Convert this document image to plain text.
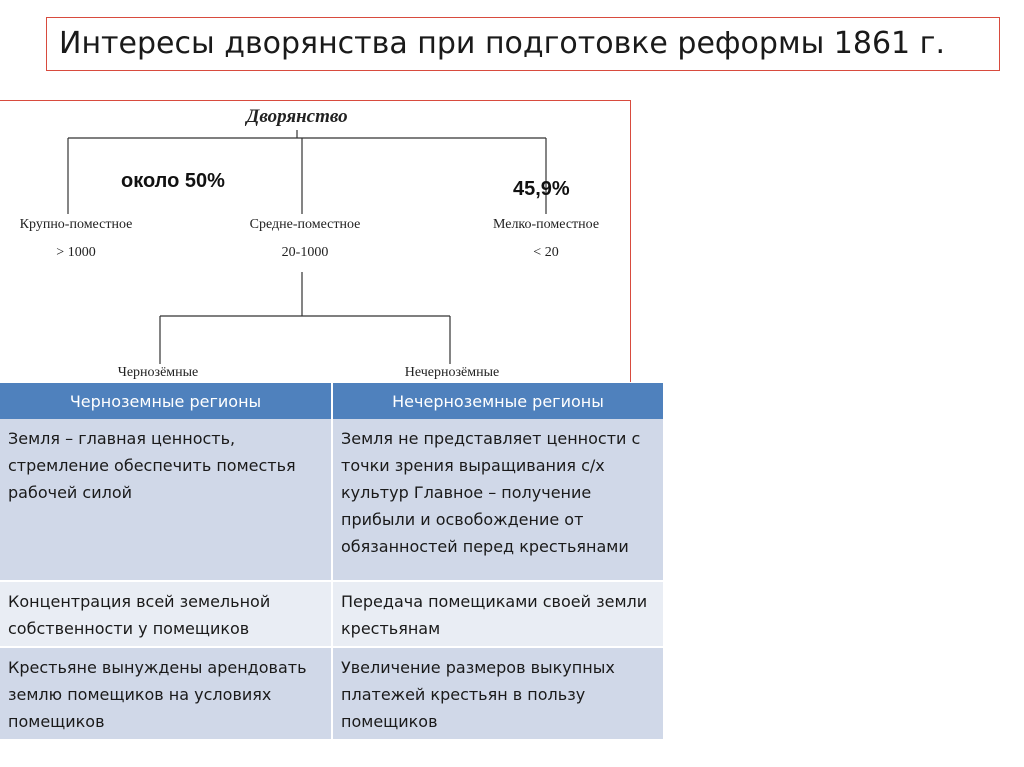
Интересы дворянства при подготовке реформы 1861 г.
Дворянство
около 50%	45,9%
Крупно-поместное
> 1000
Средне-поместное
20-1000
Мелко-поместное
< 20
Чернозёмные	Нечернозёмные
Черноземные регионы	Нечерноземные регионы
Земля – главная ценность, стремление обеспечить поместья рабочей силой	Земля не представляет ценности с точки зрения выращивания с/х культур Главное – получение прибыли и освобождение от обязанностей перед крестьянами
Концентрация всей земельной собственности у помещиков	Передача помещиками своей земли крестьянам
Крестьяне вынуждены арендовать землю помещиков на условиях помещиков	Увеличение размеров выкупных платежей крестьян в пользу помещиков
